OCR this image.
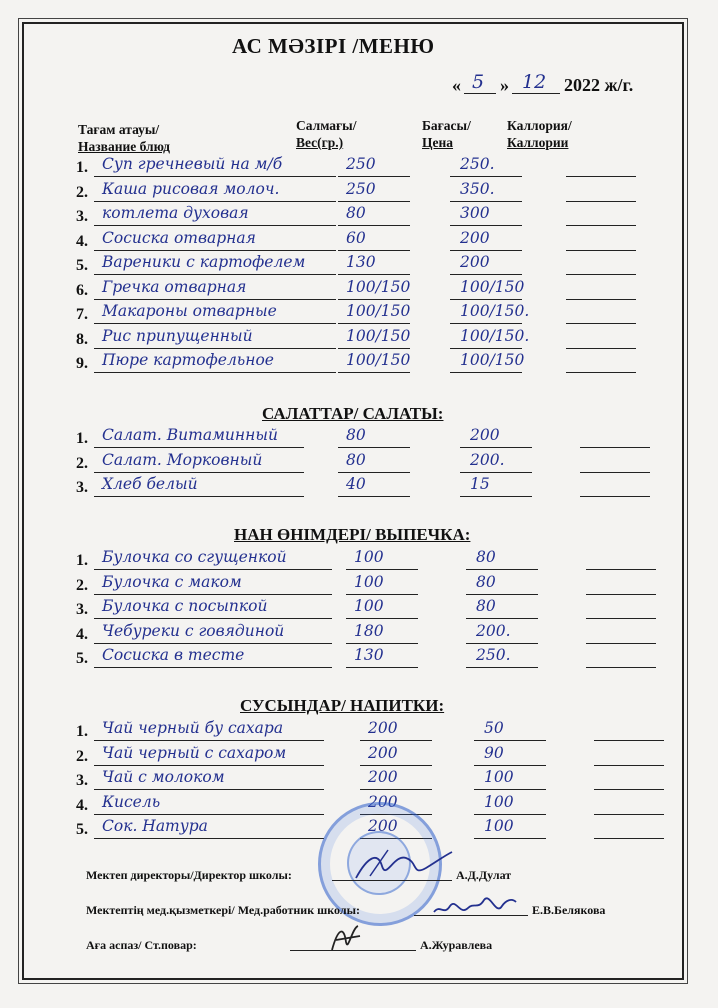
АС МӘЗІРІ /МЕНЮ
« 5 » 12 2022 ж/г.
Тағам атауы/
Название блюд
Салмағы/
Вес(гр.)
Бағасы/
Цена
Каллория/
Каллории
1. Суп гречневый на м/б	250	250.
2. Каша рисовая молоч.	250	350.
3. котлета духовая	80	300
4. Сосиска отварная	60	200
5. Вареники с картофелем	130	200
6. Гречка отварная	100/150	100/150
7. Макароны отварные	100/150	100/150.
8. Рис припущенный	100/150	100/150.
9. Пюре картофельное	100/150	100/150
САЛАТТАР/ САЛАТЫ:
1. Салат. Витаминный	80	200
2. Салат. Морковный	80	200.
3. Хлеб белый	40	15
НАН ӨНІМДЕРІ/ ВЫПЕЧКА:
1. Булочка со сгущенкой	100	80
2. Булочка с маком	100	80
3. Булочка с посыпкой	100	80
4. Чебуреки с говядиной	180	200.
5. Сосиска в тесте	130	250.
СУСЫНДАР/ НАПИТКИ:
1. Чай черный бу сахара	200	50
2. Чай черный с сахаром	200	90
3. Чай с молоком	200	100
4. Кисель	200	100
5. Сок. Натура	200	100
Мектеп директоры/Директор школы:	А.Д.Дулат
Мектептің мед.қызметкері/ Мед.работник школы:	Е.В.Белякова
Аға аспаз/ Ст.повар:	А.Журавлева
